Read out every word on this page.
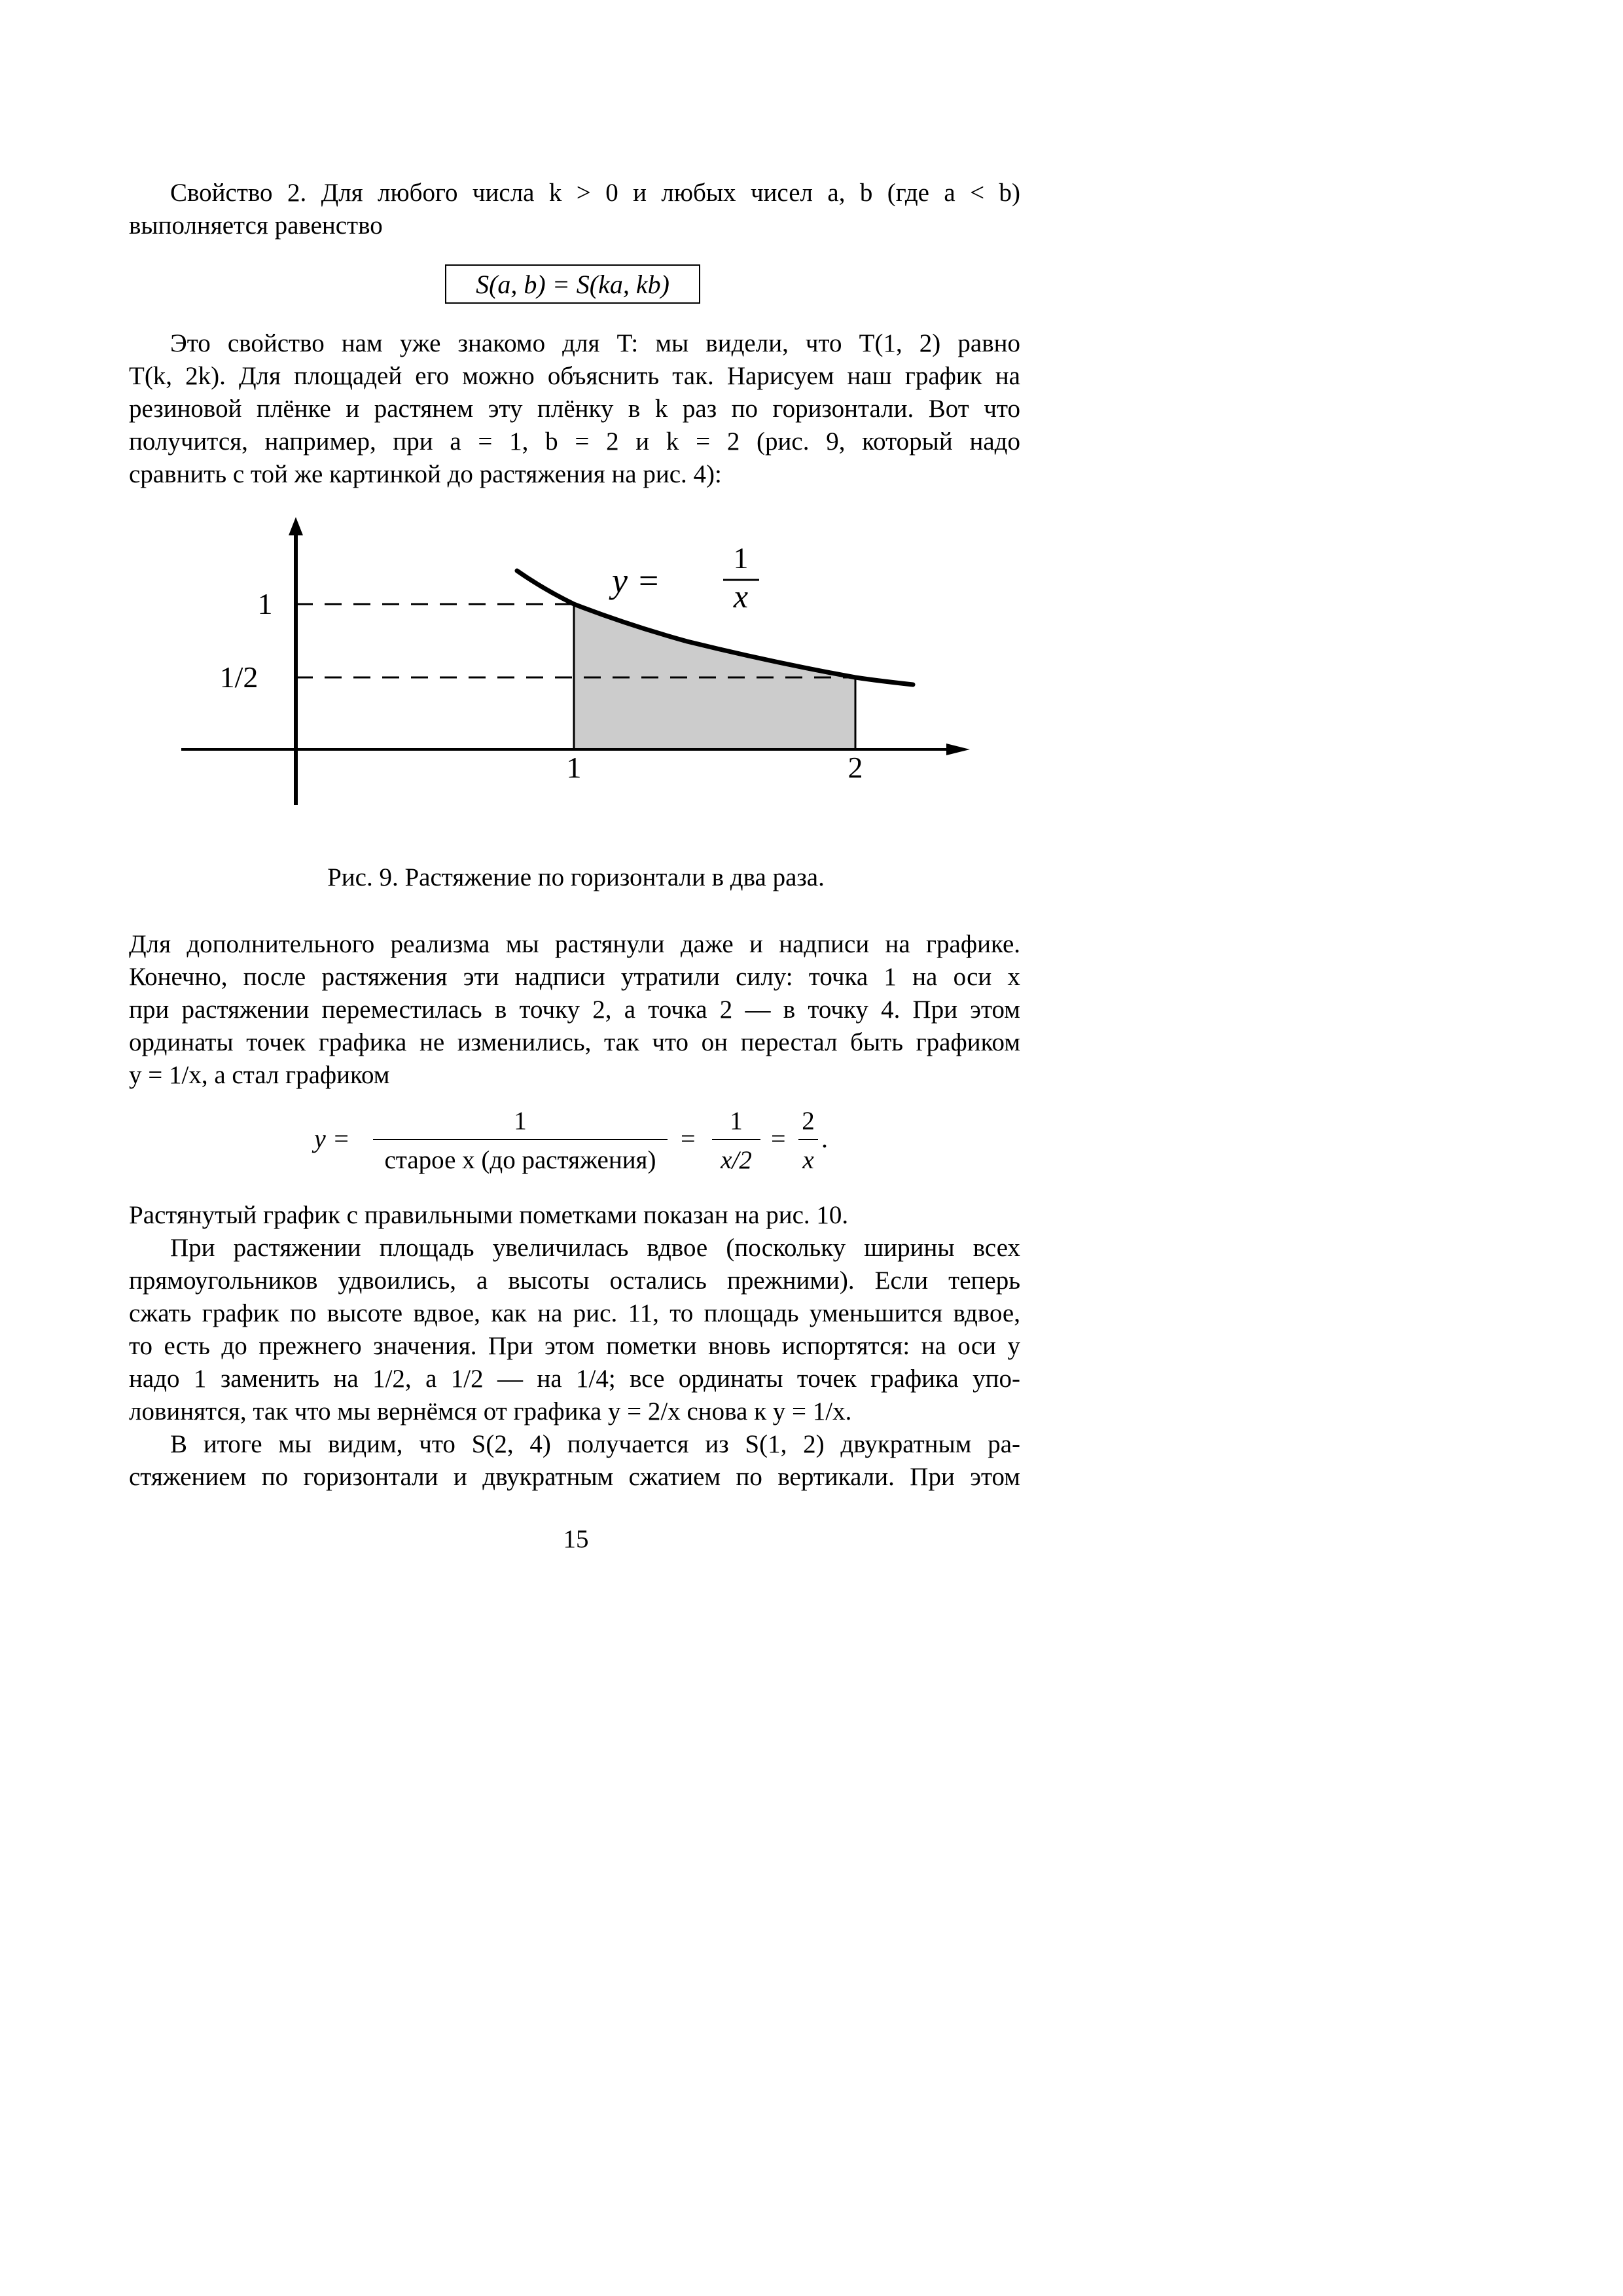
Свойство 2. Для любого числа k > 0 и любых чисел a, b (где a < b)
выполняется равенство
S(a, b) = S(ka, kb)
Это свойство нам уже знакомо для T: мы видели, что T(1, 2) равно
T(k, 2k). Для площадей его можно объяснить так. Нарисуем наш график на
резиновой плёнке и растянем эту плёнку в k раз по горизонтали. Вот что
получится, например, при a = 1, b = 2 и k = 2 (рис. 9, который надо
сравнить с той же картинкой до растяжения на рис. 4):
y =
1
x
1
1/2
1	2
Рис. 9. Растяжение по горизонтали в два раза.
Для дополнительного реализма мы растянули даже и надписи на графике.
Конечно, после растяжения эти надписи утратили силу: точка 1 на оси x
при растяжении переместилась в точку 2, а точка 2 — в точку 4. При этом
ординаты точек графика не изменились, так что он перестал быть графиком
y = 1/x, а стал графиком
y =
1
старое x (до растяжения)
=
1
x/2
=
2
x
.
Растянутый график с правильными пометками показан на рис. 10.
При растяжении площадь увеличилась вдвое (поскольку ширины всех
прямоугольников удвоились, а высоты остались прежними). Если теперь
сжать график по высоте вдвое, как на рис. 11, то площадь уменьшится вдвое,
то есть до прежнего значения. При этом пометки вновь испортятся: на оси y
надо 1 заменить на 1/2, а 1/2 — на 1/4; все ординаты точек графика упо-
ловинятся, так что мы вернёмся от графика y = 2/x снова к y = 1/x.
В итоге мы видим, что S(2, 4) получается из S(1, 2) двукратным ра-
стяжением по горизонтали и двукратным сжатием по вертикали. При этом
15
